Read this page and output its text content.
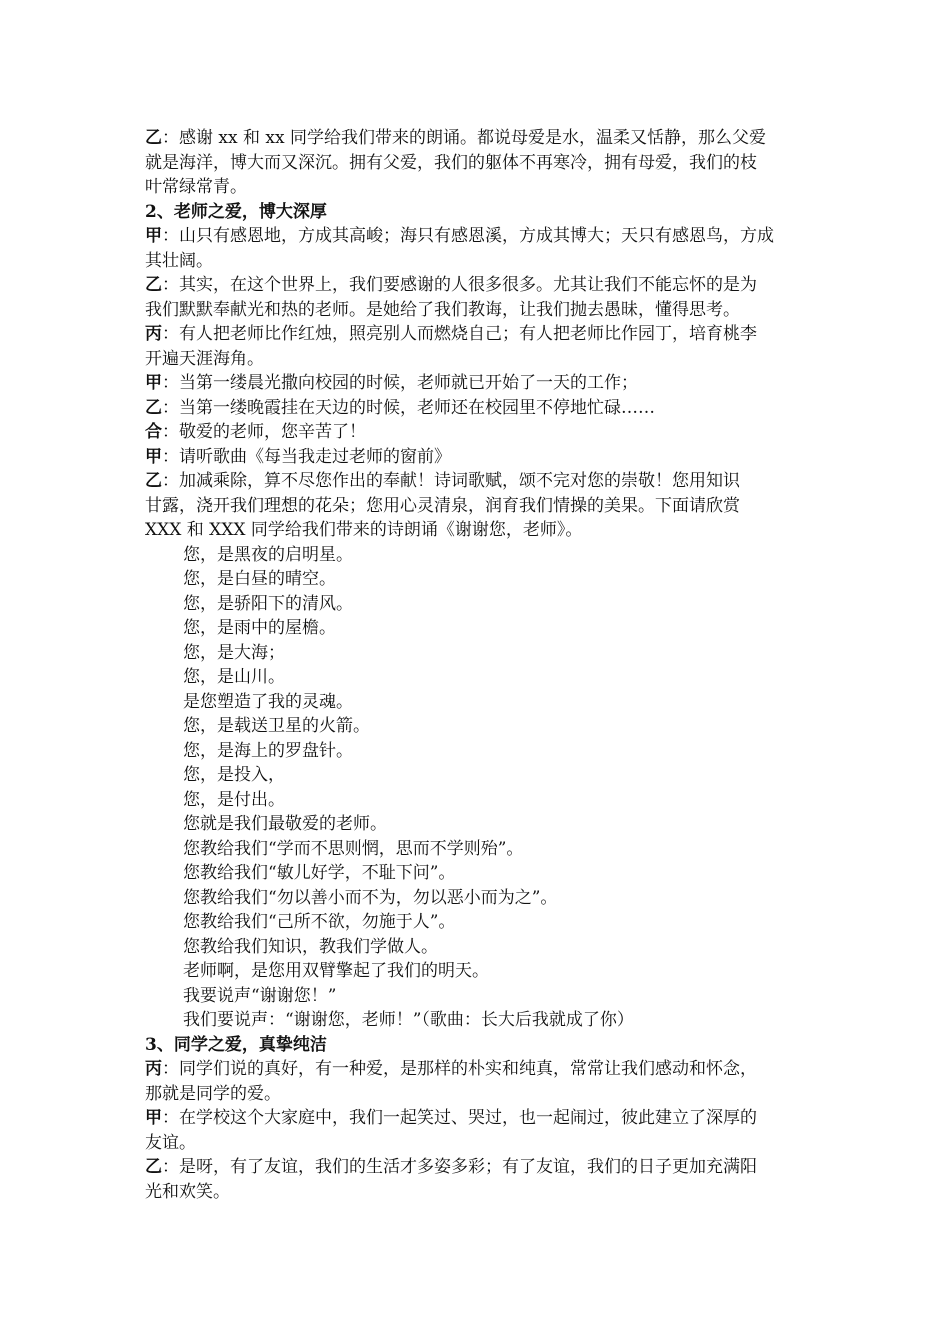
乙：感谢 xx 和 xx 同学给我们带来的朗诵。都说母爱是水，温柔又恬静，那么父爱
就是海洋，博大而又深沉。拥有父爱，我们的躯体不再寒冷，拥有母爱，我们的枝
叶常绿常青。
2、老师之爱，博大深厚
甲：山只有感恩地，方成其高峻；海只有感恩溪，方成其博大；天只有感恩鸟，方成
其壮阔。
乙：其实，在这个世界上，我们要感谢的人很多很多。尤其让我们不能忘怀的是为
我们默默奉献光和热的老师。是她给了我们教诲，让我们抛去愚昧，懂得思考。
丙：有人把老师比作红烛，照亮别人而燃烧自己；有人把老师比作园丁，培育桃李
开遍天涯海角。
甲：当第一缕晨光撒向校园的时候，老师就已开始了一天的工作；
乙：当第一缕晚霞挂在天边的时候，老师还在校园里不停地忙碌……
合：敬爱的老师，您辛苦了！
甲：请听歌曲《每当我走过老师的窗前》
乙：加减乘除，算不尽您作出的奉献！诗词歌赋，颂不完对您的崇敬！您用知识
甘露，浇开我们理想的花朵；您用心灵清泉，润育我们情操的美果。下面请欣赏
XXX 和 XXX 同学给我们带来的诗朗诵《谢谢您，老师》。
您，是黑夜的启明星。
您，是白昼的晴空。
您，是骄阳下的清风。
您，是雨中的屋檐。
您，是大海；
您，是山川。
是您塑造了我的灵魂。
您，是载送卫星的火箭。
您，是海上的罗盘针。
您，是投入，
您，是付出。
您就是我们最敬爱的老师。
您教给我们“学而不思则惘，思而不学则殆”。
您教给我们“敏儿好学，不耻下问”。
您教给我们“勿以善小而不为，勿以恶小而为之”。
您教给我们“己所不欲，勿施于人”。
您教给我们知识，教我们学做人。
老师啊，是您用双臂擎起了我们的明天。
我要说声“谢谢您！”
我们要说声：“谢谢您，老师！”（歌曲：长大后我就成了你）
3、同学之爱，真挚纯洁
丙：同学们说的真好，有一种爱，是那样的朴实和纯真，常常让我们感动和怀念，
那就是同学的爱。
甲：在学校这个大家庭中，我们一起笑过、哭过，也一起闹过，彼此建立了深厚的
友谊。
乙：是呀，有了友谊，我们的生活才多姿多彩；有了友谊，我们的日子更加充满阳
光和欢笑。
